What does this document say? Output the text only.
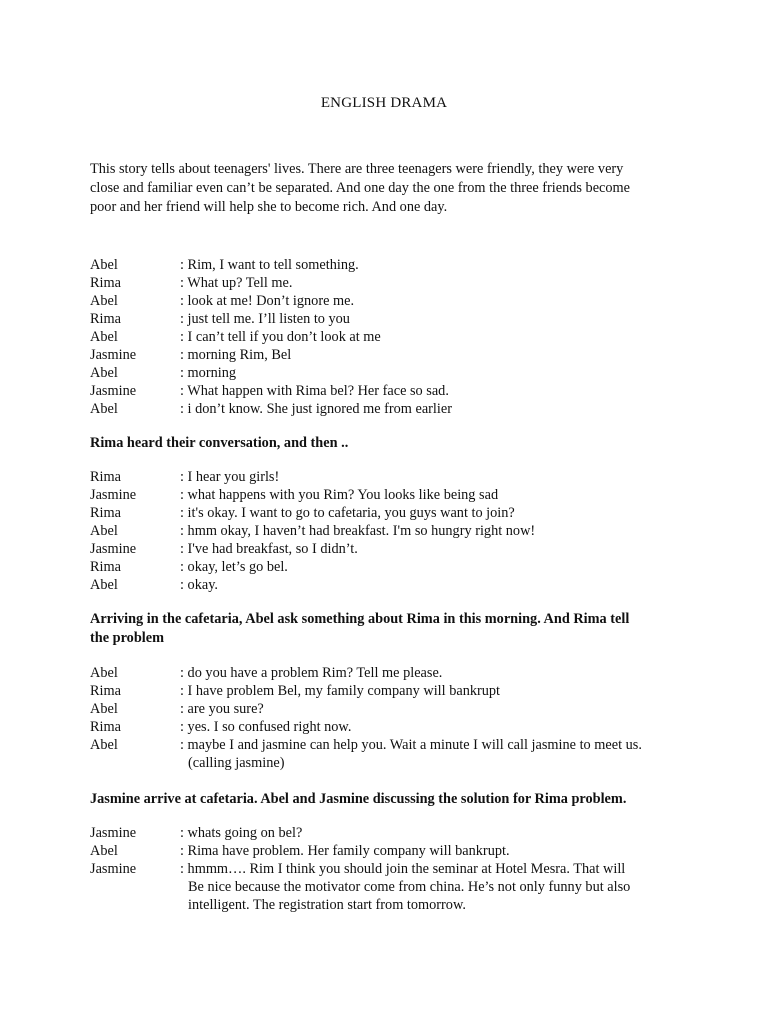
ENGLISH DRAMA
This story tells about teenagers' lives. There are three teenagers were friendly, they were very
close and familiar even can’t be separated. And one day the one from the three friends become
poor and her friend will help she to become rich. And one day.
Abel	: Rim, I want to tell something.
Rima	: What up? Tell me.
Abel	: look at me! Don’t ignore me.
Rima	: just tell me. I’ll listen to you
Abel	: I can’t tell if you don’t look at me
Jasmine	: morning Rim, Bel
Abel	: morning
Jasmine	: What happen with Rima bel? Her face so sad.
Abel	: i don’t know. She just ignored me from earlier
Rima heard their conversation, and then ..
Rima	: I hear you girls!
Jasmine	: what happens with you Rim? You looks like being sad
Rima	: it's okay. I want to go to cafetaria, you guys want to join?
Abel	: hmm okay, I haven’t had breakfast. I'm so hungry right now!
Jasmine	: I've had breakfast, so I didn’t.
Rima	: okay, let’s go bel.
Abel	: okay.
Arriving in the cafetaria, Abel ask something about Rima in this morning. And Rima tell
the problem
Abel	: do you have a problem Rim? Tell me please.
Rima	: I have problem Bel, my family company will bankrupt
Abel	: are you sure?
Rima	: yes. I so confused right now.
Abel	: maybe I and jasmine can help you. Wait a minute I will call jasmine to meet us.
(calling jasmine)
Jasmine arrive at cafetaria. Abel and Jasmine discussing the solution for Rima problem.
Jasmine	: whats going on bel?
Abel	: Rima have problem. Her family company will bankrupt.
Jasmine	: hmmm…. Rim I think you should join the seminar at Hotel Mesra. That will
Be nice because the motivator come from china. He’s not only funny but also
intelligent. The registration start from tomorrow.
